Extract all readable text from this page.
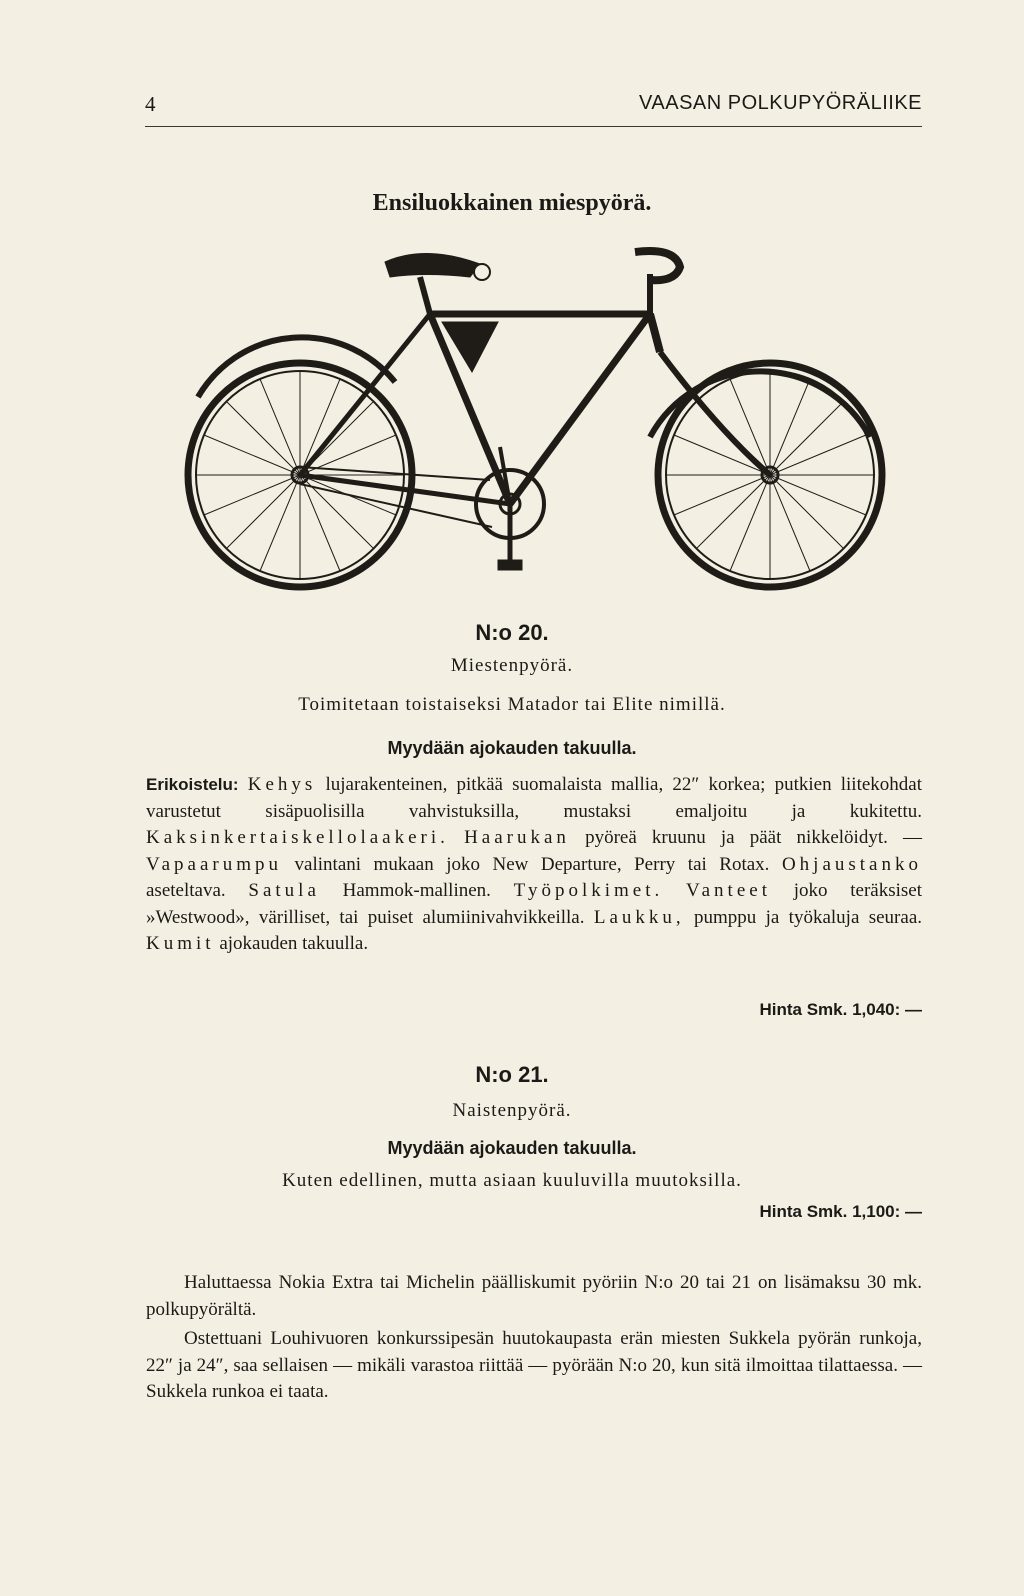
4	VAASAN POLKUPYÖRÄLIIKE
Ensiluokkainen miespyörä.
N:o 20.
Miestenpyörä.
Toimitetaan toistaiseksi Matador tai Elite nimillä.
Myydään ajokauden takuulla.
Erikoistelu: Kehys lujarakenteinen, pitkää suomalaista mallia, 22″ korkea; putkien liitekohdat varustetut sisäpuolisilla vahvistuksilla, mustaksi emaljoitu ja kukitettu. Kaksinkertaiskellolaakeri. Haarukan pyöreä kruunu ja päät nikkelöidyt. — Vapaarumpu valintani mukaan joko New Departure, Perry tai Rotax. Ohjaustanko aseteltava. Satula Hammok-mallinen. Työpolkimet. Vanteet joko teräksiset »Westwood», värilliset, tai puiset alumiinivahvikkeilla. Laukku, pumppu ja työkaluja seuraa. Kumit ajokauden takuulla.
Hinta Smk. 1,040: —
N:o 21.
Naistenpyörä.
Myydään ajokauden takuulla.
Kuten edellinen, mutta asiaan kuuluvilla muutoksilla.
Hinta Smk. 1,100: —
Haluttaessa Nokia Extra tai Michelin päälliskumit pyöriin N:o 20 tai 21 on lisämaksu 30 mk. polkupyörältä.
Ostettuani Louhivuoren konkurssipesän huutokaupasta erän miesten Sukkela pyörän runkoja, 22″ ja 24″, saa sellaisen — mikäli varastoa riittää — pyörään N:o 20, kun sitä ilmoittaa tilattaessa. — Sukkela runkoa ei taata.
